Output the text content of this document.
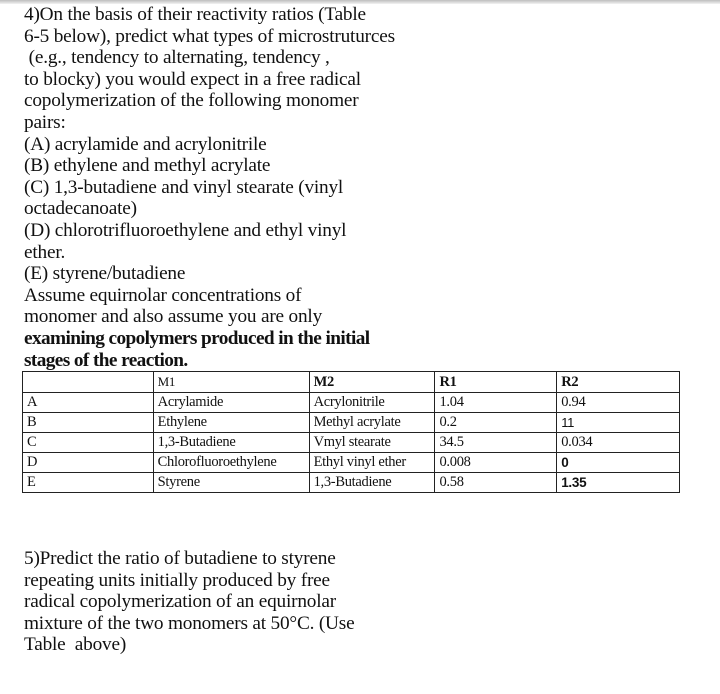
4)On the basis of their reactivity ratios (Table
6-5 below), predict what types of microstruturces
(e.g., tendency to alternating, tendency ,
to blocky) you would expect in a free radical
copolymerization of the following monomer
pairs:
(A) acrylamide and acrylonitrile
(B) ethylene and methyl acrylate
(C) 1,3-butadiene and vinyl stearate (vinyl
octadecanoate)
(D) chlorotrifluoroethylene and ethyl vinyl
ether.
(E) styrene/butadiene
Assume equirnolar concentrations of
monomer and also assume you are only
examining copolymers produced in the initial
stages of the reaction.
	M1	M2	R1	R2
A	Acrylamide	Acrylonitrile	1.04	0.94
B	Ethylene	Methyl acrylate	0.2	11
C	1,3-Butadiene	Vmyl stearate	34.5	0.034
D	Chlorofluoroethylene	Ethyl vinyl ether	0.008	0
E	Styrene	1,3-Butadiene	0.58	1.35
5)Predict the ratio of butadiene to styrene
repeating units initially produced by free
radical copolymerization of an equirnolar
mixture of the two monomers at 50°C. (Use
Table  above)
